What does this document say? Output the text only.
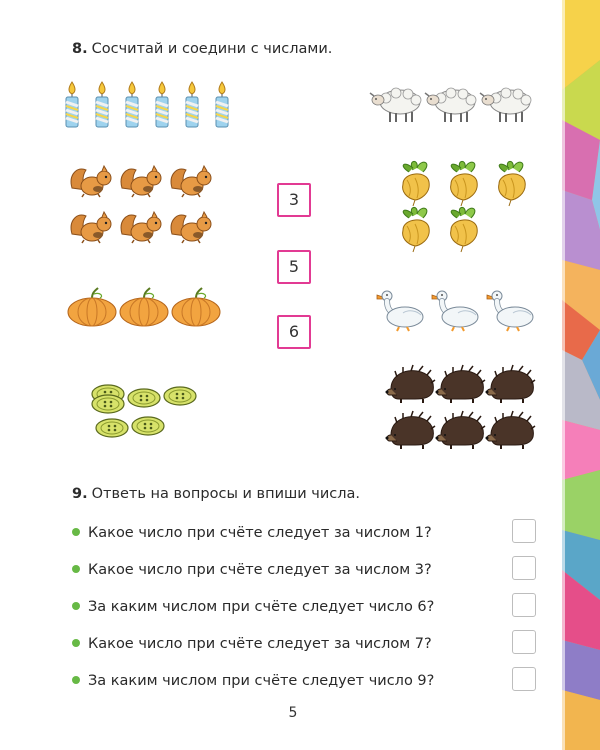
8. Сосчитай и соедини с числами.
3
5
6
9. Ответь на вопросы и впиши числа.
Какое число при счёте следует за числом 1?
Какое число при счёте следует за числом 3?
За каким числом при счёте следует число 6?
Какое число при счёте следует за числом 7?
За каким числом при счёте следует число 9?
5
